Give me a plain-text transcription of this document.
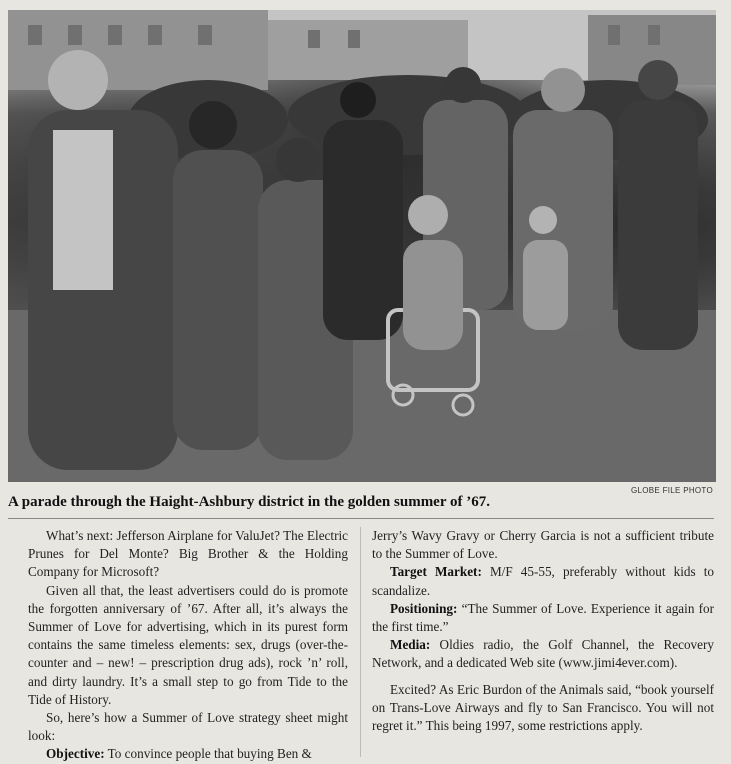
GLOBE FILE PHOTO
A parade through the Haight-Ashbury district in the golden summer of ’67.

What’s next: Jefferson Airplane for ValuJet? The Electric Prunes for Del Monte? Big Brother & the Holding Company for Microsoft?

Given all that, the least advertisers could do is promote the forgotten anniversary of ’67. After all, it’s always the Summer of Love for advertising, which in its purest form contains the same timeless elements: sex, drugs (over-the-counter and – new! – prescription drug ads), rock ’n’ roll, and dirty laundry. It’s a small step to go from Tide to the Tide of History.

So, here’s how a Summer of Love strategy sheet might look:

Objective: To convince people that buying Ben &

Jerry’s Wavy Gravy or Cherry Garcia is not a sufficient tribute to the Summer of Love.

Target Market: M/F 45-55, preferably without kids to scandalize.

Positioning: “The Summer of Love. Experience it again for the first time.”

Media: Oldies radio, the Golf Channel, the Recovery Network, and a dedicated Web site (www.jimi4ever.com).

Excited? As Eric Burdon of the Animals said, “book yourself on Trans-Love Airways and fly to San Francisco. You will not regret it.” This being 1997, some restrictions apply.
